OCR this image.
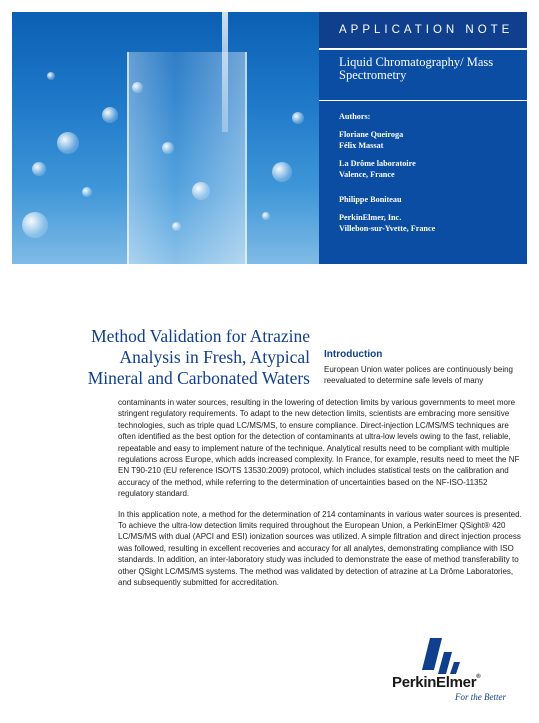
APPLICATION NOTE
Liquid Chromatography/ Mass Spectrometry
Authors:
Floriane Queiroga
Félix Massat
La Drôme laboratoire
Valence, France
Philippe Boniteau
PerkinElmer, Inc.
Villebon-sur-Yvette, France
Method Validation for Atrazine Analysis in Fresh, Atypical Mineral and Carbonated Waters
Introduction
European Union water polices are continuously being reevaluated to determine safe levels of many

contaminants in water sources, resulting in the lowering of detection limits by various governments to meet more stringent regulatory requirements. To adapt to the new detection limits, scientists are embracing more sensitive technologies, such as triple quad LC/MS/MS, to ensure compliance. Direct-injection LC/MS/MS techniques are often identified as the best option for the detection of contaminants at ultra-low levels owing to the fast, reliable, repeatable and easy to implement nature of the technique. Analytical results need to be compliant with multiple regulations across Europe, which adds increased complexity. In France, for example, results need to meet the NF EN T90-210 (EU reference ISO/TS 13530:2009) protocol, which includes statistical tests on the calibration and accuracy of the method, while referring to the determination of uncertainties based on the NF-ISO-11352 regulatory standard.

In this application note, a method for the determination of 214 contaminants in various water sources is presented. To achieve the ultra-low detection limits required throughout the European Union, a PerkinElmer QSight® 420 LC/MS/MS with dual (APCI and ESI) ionization sources was utilized. A simple filtration and direct injection process was followed, resulting in excellent recoveries and accuracy for all analytes, demonstrating compliance with ISO standards. In addition, an inter-laboratory study was included to demonstrate the ease of method transferability to other QSight LC/MS/MS systems. The method was validated by detection of atrazine at La Drôme Laboratories, and subsequently submitted for accreditation.

PerkinElmer®
For the Better
